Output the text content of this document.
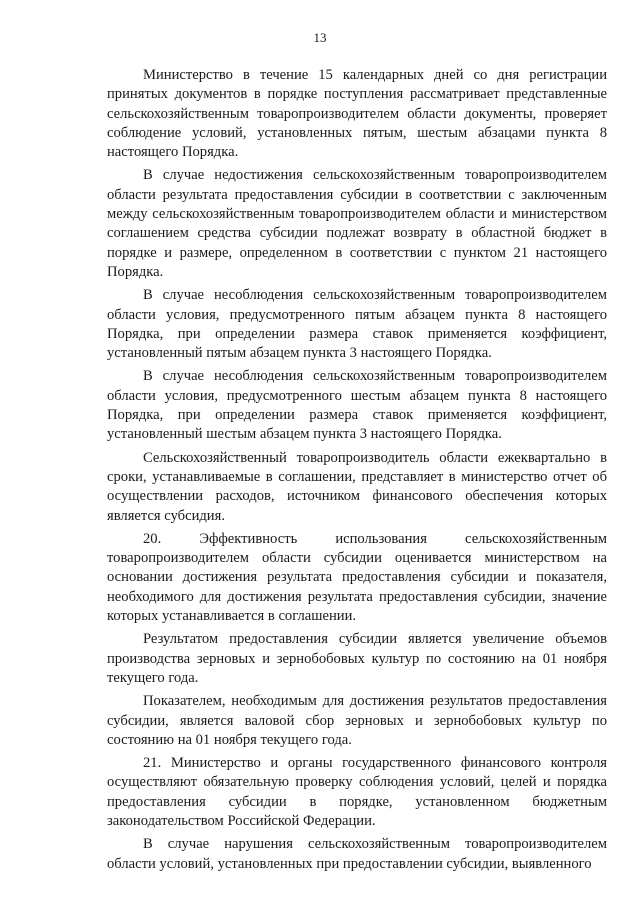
13

Министерство в течение 15 календарных дней со дня регистрации принятых документов в порядке поступления рассматривает представленные сельскохозяйственным товаропроизводителем области документы, проверяет соблюдение условий, установленных пятым, шестым абзацами пункта 8 настоящего Порядка.

В случае недостижения сельскохозяйственным товаропроизводителем области результата предоставления субсидии в соответствии с заключенным между сельскохозяйственным товаропроизводителем области и министерством соглашением средства субсидии подлежат возврату в областной бюджет в порядке и размере, определенном в соответствии с пунктом 21 настоящего Порядка.

В случае несоблюдения сельскохозяйственным товаропроизводителем области условия, предусмотренного пятым абзацем пункта 8 настоящего Порядка, при определении размера ставок применяется коэффициент, установленный пятым абзацем пункта 3 настоящего Порядка.

В случае несоблюдения сельскохозяйственным товаропроизводителем области условия, предусмотренного шестым абзацем пункта 8 настоящего Порядка, при определении размера ставок применяется коэффициент, установленный шестым абзацем пункта 3 настоящего Порядка.

Сельскохозяйственный товаропроизводитель области ежеквартально в сроки, устанавливаемые в соглашении, представляет в министерство отчет об осуществлении расходов, источником финансового обеспечения которых является субсидия.

20. Эффективность использования сельскохозяйственным товаропроизводителем области субсидии оценивается министерством на основании достижения результата предоставления субсидии и показателя, необходимого для достижения результата предоставления субсидии, значение которых устанавливается в соглашении.

Результатом предоставления субсидии является увеличение объемов производства зерновых и зернобобовых культур по состоянию на 01 ноября текущего года.

Показателем, необходимым для достижения результатов предоставления субсидии, является валовой сбор зерновых и зернобобовых культур по состоянию на 01 ноября текущего года.

21. Министерство и органы государственного финансового контроля осуществляют обязательную проверку соблюдения условий, целей и порядка предоставления субсидии в порядке, установленном бюджетным законодательством Российской Федерации.

В случае нарушения сельскохозяйственным товаропроизводителем области условий, установленных при предоставлении субсидии, выявленного
